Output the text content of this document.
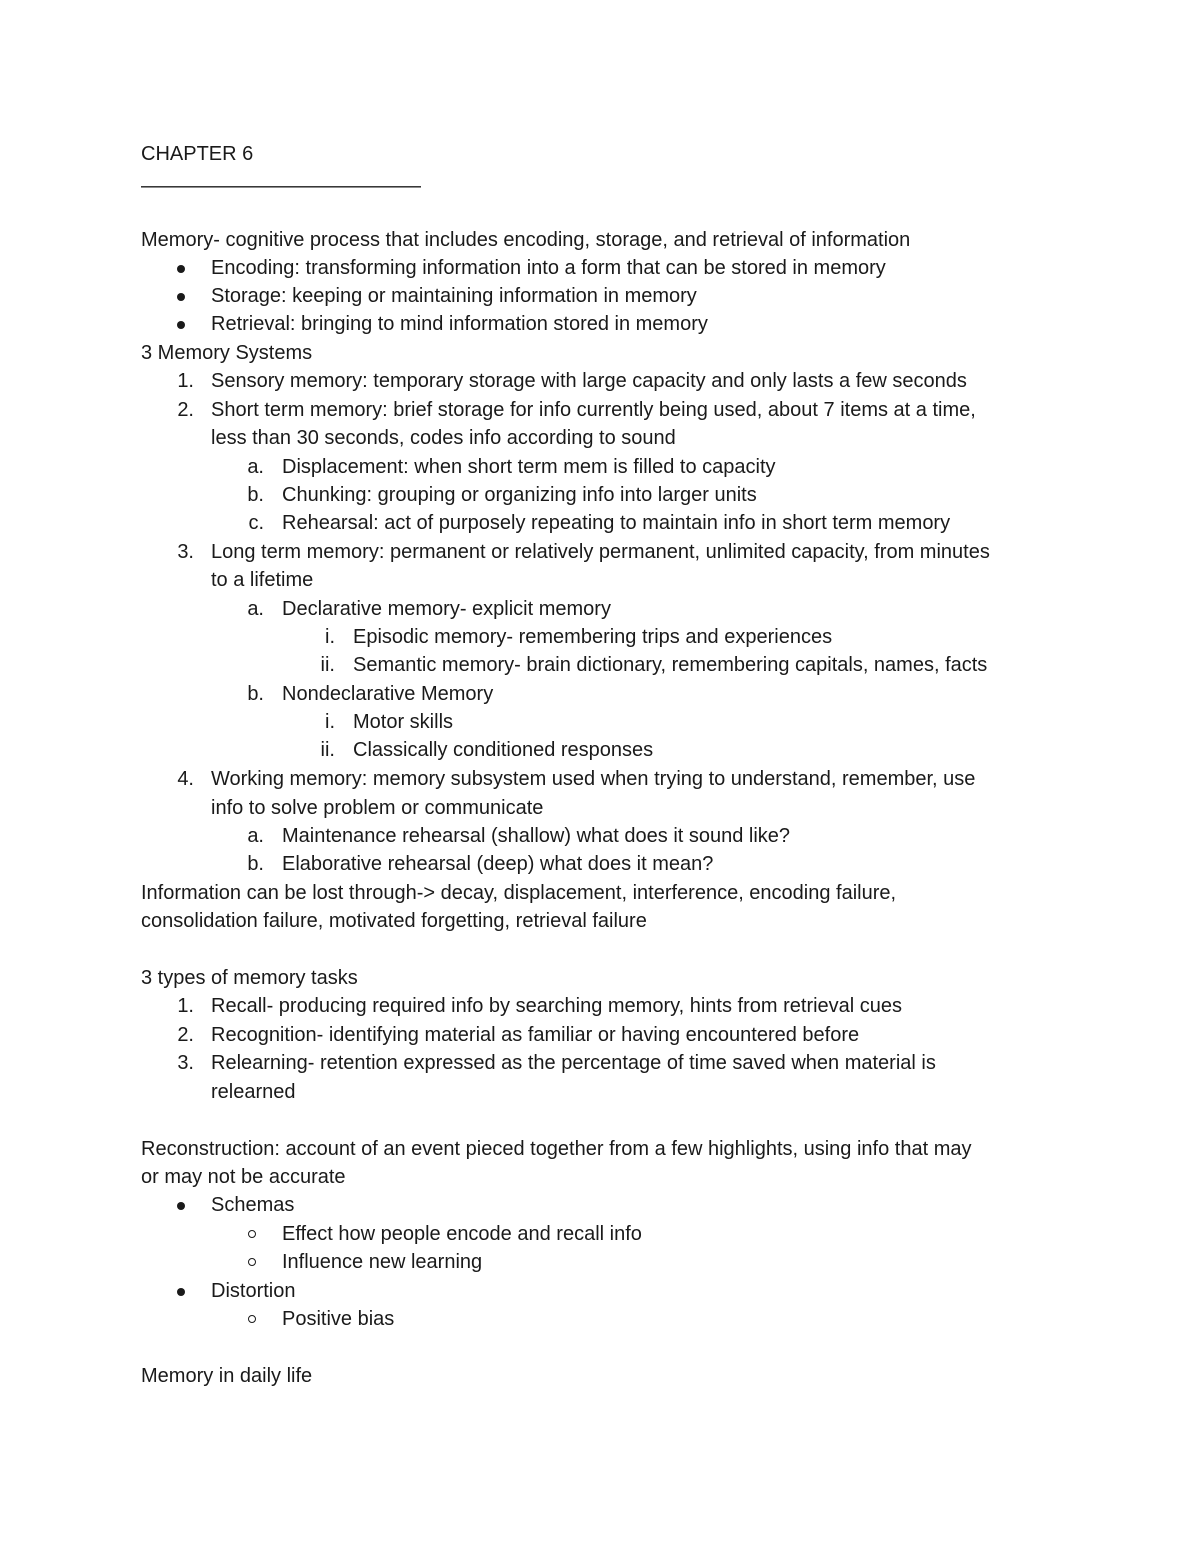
CHAPTER 6
——————————————
Memory- cognitive process that includes encoding, storage, and retrieval of information
Encoding: transforming information into a form that can be stored in memory
Storage: keeping or maintaining information in memory
Retrieval: bringing to mind information stored in memory
3 Memory Systems
1. Sensory memory: temporary storage with large capacity and only lasts a few seconds
2. Short term memory: brief storage for info currently being used, about 7 items at a time,
less than 30 seconds, codes info according to sound
a. Displacement: when short term mem is filled to capacity
b. Chunking: grouping or organizing info into larger units
c. Rehearsal: act of purposely repeating to maintain info in short term memory
3. Long term memory: permanent or relatively permanent, unlimited capacity, from minutes
to a lifetime
a. Declarative memory- explicit memory
i. Episodic memory- remembering trips and experiences
ii. Semantic memory- brain dictionary, remembering capitals, names, facts
b. Nondeclarative Memory
i. Motor skills
ii. Classically conditioned responses
4. Working memory: memory subsystem used when trying to understand, remember, use
info to solve problem or communicate
a. Maintenance rehearsal (shallow) what does it sound like?
b. Elaborative rehearsal (deep) what does it mean?
Information can be lost through-> decay, displacement, interference, encoding failure,
consolidation failure, motivated forgetting, retrieval failure
3 types of memory tasks
1. Recall- producing required info by searching memory, hints from retrieval cues
2. Recognition- identifying material as familiar or having encountered before
3. Relearning- retention expressed as the percentage of time saved when material is
relearned
Reconstruction: account of an event pieced together from a few highlights, using info that may
or may not be accurate
Schemas
Effect how people encode and recall info
Influence new learning
Distortion
Positive bias
Memory in daily life
